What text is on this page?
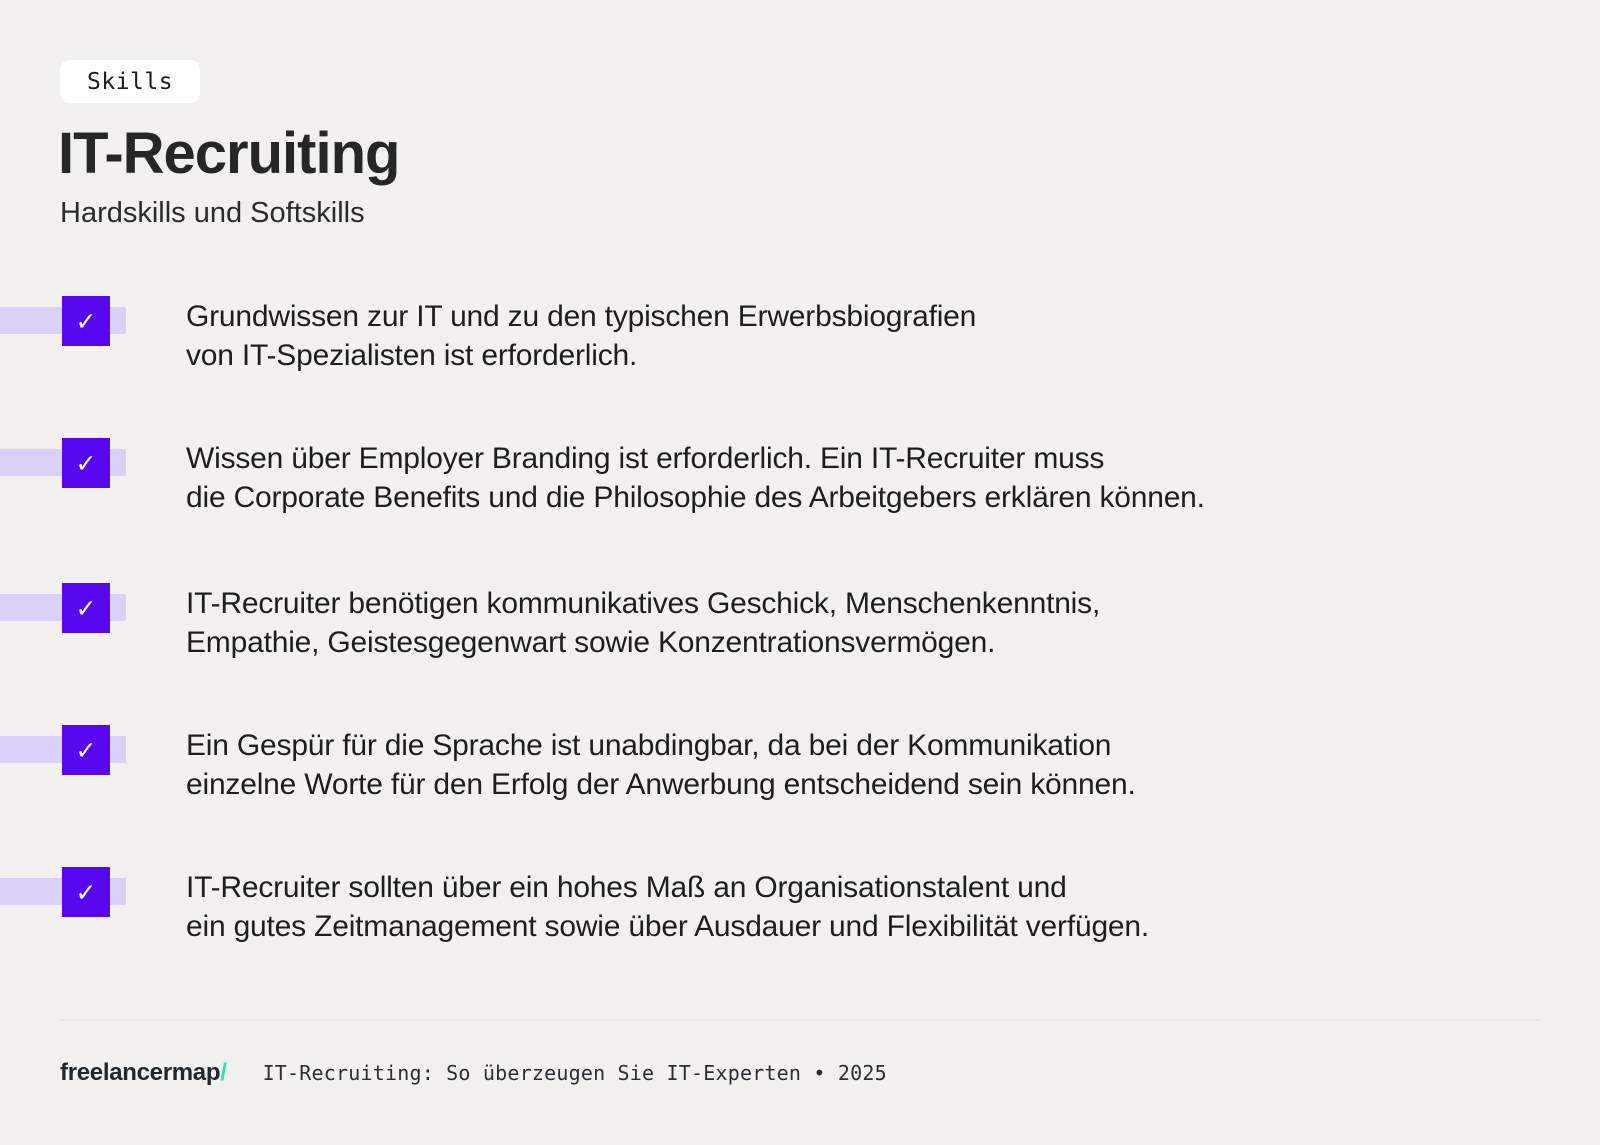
Skills
IT-Recruiting
Hardskills und Softskills
✓	Grundwissen zur IT und zu den typischen Erwerbsbiografien
von IT-Spezialisten ist erforderlich.
✓	Wissen über Employer Branding ist erforderlich. Ein IT-Recruiter muss
die Corporate Benefits und die Philosophie des Arbeitgebers erklären können.
✓	IT-Recruiter benötigen kommunikatives Geschick, Menschenkenntnis,
Empathie, Geistesgegenwart sowie Konzentrationsvermögen.
✓	Ein Gespür für die Sprache ist unabdingbar, da bei der Kommunikation
einzelne Worte für den Erfolg der Anwerbung entscheidend sein können.
✓	IT-Recruiter sollten über ein hohes Maß an Organisationstalent und
ein gutes Zeitmanagement sowie über Ausdauer und Flexibilität verfügen.
freelancermap/ IT-Recruiting: So überzeugen Sie IT-Experten • 2025
